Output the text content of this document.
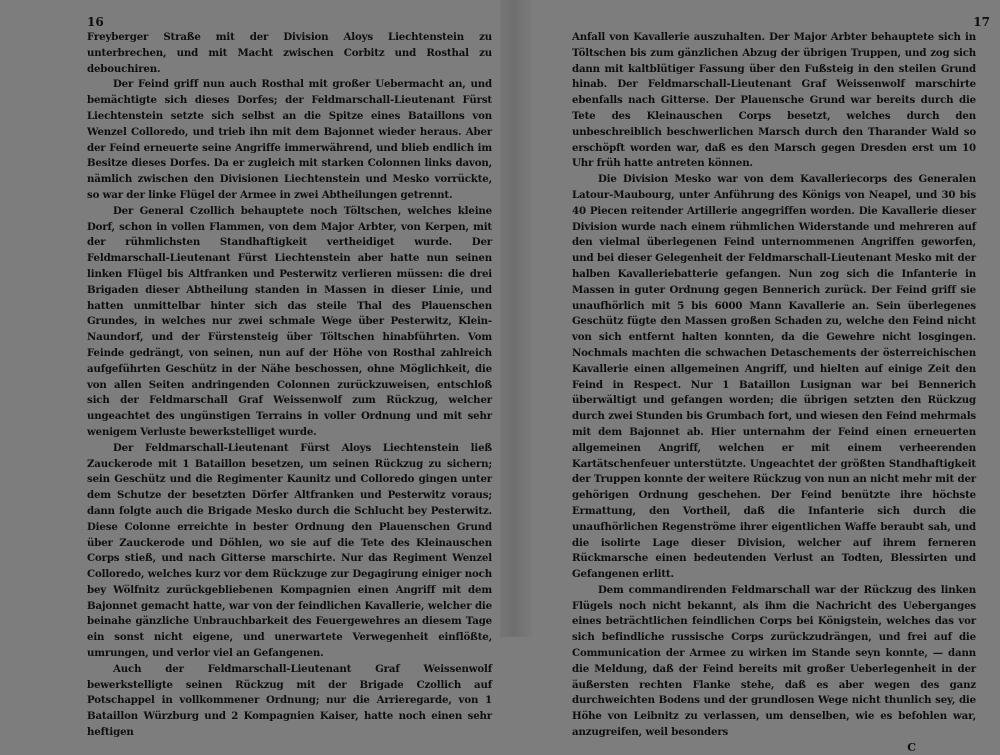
16

Freyberger Straße mit der Division Aloys Liechtenstein zu unterbrechen, und mit Macht zwischen Corbitz und Rosthal zu debouchiren.

Der Feind griff nun auch Rosthal mit großer Uebermacht an, und bemächtigte sich dieses Dorfes; der Feldmarschall-Lieutenant Fürst Liechtenstein setzte sich selbst an die Spitze eines Bataillons von Wenzel Colloredo, und trieb ihn mit dem Bajonnet wieder heraus. Aber der Feind erneuerte seine Angriffe immerwährend, und blieb endlich im Besitze dieses Dorfes. Da er zugleich mit starken Colonnen links davon, nämlich zwischen den Divisionen Liechtenstein und Mesko vorrückte, so war der linke Flügel der Armee in zwei Abtheilungen getrennt.

Der General Czollich behauptete noch Töltschen, welches kleine Dorf, schon in vollen Flammen, von dem Major Arbter, von Kerpen, mit der rühmlichsten Standhaftigkeit vertheidiget wurde. Der Feldmarschall-Lieutenant Fürst Liechtenstein aber hatte nun seinen linken Flügel bis Altfranken und Pesterwitz verlieren müssen: die drei Brigaden dieser Abtheilung standen in Massen in dieser Linie, und hatten unmittelbar hinter sich das steile Thal des Plauenschen Grundes, in welches nur zwei schmale Wege über Pesterwitz, Klein-Naundorf, und der Fürstensteig über Töltschen hinabführten. Vom Feinde gedrängt, von seinen, nun auf der Höhe von Rosthal zahlreich aufgeführten Geschütz in der Nähe beschossen, ohne Möglichkeit, die von allen Seiten andringenden Colonnen zurückzuweisen, entschloß sich der Feldmarschall Graf Weissenwolf zum Rückzug, welcher ungeachtet des ungünstigen Terrains in voller Ordnung und mit sehr wenigem Verluste bewerkstelliget wurde.

Der Feldmarschall-Lieutenant Fürst Aloys Liechtenstein ließ Zauckerode mit 1 Bataillon besetzen, um seinen Rückzug zu sichern; sein Geschütz und die Regimenter Kaunitz und Colloredo gingen unter dem Schutze der besetzten Dörfer Altfranken und Pesterwitz voraus; dann folgte auch die Brigade Mesko durch die Schlucht bey Pesterwitz. Diese Colonne erreichte in bester Ordnung den Plauenschen Grund über Zauckerode und Döhlen, wo sie auf die Tete des Kleinauschen Corps stieß, und nach Gitterse marschirte. Nur das Regiment Wenzel Colloredo, welches kurz vor dem Rückzuge zur Degagirung einiger noch bey Wölfnitz zurückgebliebenen Kompagnien einen Angriff mit dem Bajonnet gemacht hatte, war von der feindlichen Kavallerie, welcher die beinahe gänzliche Unbrauchbarkeit des Feuergewehres an diesem Tage ein sonst nicht eigene, und unerwartete Verwegenheit einflößte, umrungen, und verlor viel an Gefangenen.

Auch der Feldmarschall-Lieutenant Graf Weissenwolf bewerkstelligte seinen Rückzug mit der Brigade Czollich auf Potschappel in vollkommener Ordnung; nur die Arrieregarde, von 1 Bataillon Würzburg und 2 Kompagnien Kaiser, hatte noch einen sehr heftigen

17

Anfall von Kavallerie auszuhalten. Der Major Arbter behauptete sich in Töltschen bis zum gänzlichen Abzug der übrigen Truppen, und zog sich dann mit kaltblütiger Fassung über den Fußsteig in den steilen Grund hinab. Der Feldmarschall-Lieutenant Graf Weissenwolf marschirte ebenfalls nach Gitterse. Der Plauensche Grund war bereits durch die Tete des Kleinauschen Corps besetzt, welches durch den unbeschreiblich beschwerlichen Marsch durch den Tharander Wald so erschöpft worden war, daß es den Marsch gegen Dresden erst um 10 Uhr früh hatte antreten können.

Die Division Mesko war von dem Kavalleriecorps des Generalen Latour-Maubourg, unter Anführung des Königs von Neapel, und 30 bis 40 Piecen reitender Artillerie angegriffen worden. Die Kavallerie dieser Division wurde nach einem rühmlichen Widerstande und mehreren auf den vielmal überlegenen Feind unternommenen Angriffen geworfen, und bei dieser Gelegenheit der Feldmarschall-Lieutenant Mesko mit der halben Kavalleriebatterie gefangen. Nun zog sich die Infanterie in Massen in guter Ordnung gegen Bennerich zurück. Der Feind griff sie unaufhörlich mit 5 bis 6000 Mann Kavallerie an. Sein überlegenes Geschütz fügte den Massen großen Schaden zu, welche den Feind nicht von sich entfernt halten konnten, da die Gewehre nicht losgingen. Nochmals machten die schwachen Detaschements der österreichischen Kavallerie einen allgemeinen Angriff, und hielten auf einige Zeit den Feind in Respect. Nur 1 Bataillon Lusignan war bei Bennerich überwältigt und gefangen worden; die übrigen setzten den Rückzug durch zwei Stunden bis Grumbach fort, und wiesen den Feind mehrmals mit dem Bajonnet ab. Hier unternahm der Feind einen erneuerten allgemeinen Angriff, welchen er mit einem verheerenden Kartätschenfeuer unterstützte. Ungeachtet der größten Standhaftigkeit der Truppen konnte der weitere Rückzug von nun an nicht mehr mit der gehörigen Ordnung geschehen. Der Feind benützte ihre höchste Ermattung, den Vortheil, daß die Infanterie sich durch die unaufhörlichen Regenströme ihrer eigentlichen Waffe beraubt sah, und die isolirte Lage dieser Division, welcher auf ihrem ferneren Rückmarsche einen bedeutenden Verlust an Todten, Blessirten und Gefangenen erlitt.

Dem commandirenden Feldmarschall war der Rückzug des linken Flügels noch nicht bekannt, als ihm die Nachricht des Ueberganges eines beträchtlichen feindlichen Corps bei Königstein, welches das vor sich befindliche russische Corps zurückzudrängen, und frei auf die Communication der Armee zu wirken im Stande seyn konnte, — dann die Meldung, daß der Feind bereits mit großer Ueberlegenheit in der äußersten rechten Flanke stehe, daß es aber wegen des ganz durchweichten Bodens und der grundlosen Wege nicht thunlich sey, die Höhe von Leibnitz zu verlassen, um denselben, wie es befohlen war, anzugreifen, weil besonders

C
